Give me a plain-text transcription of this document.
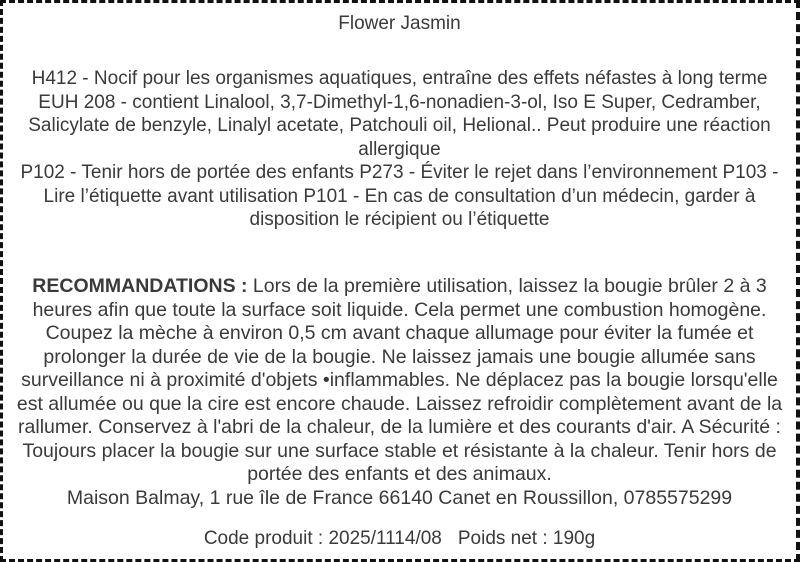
Flower Jasmin

H412 - Nocif pour les organismes aquatiques, entraîne des effets néfastes à long terme

EUH 208 - contient Linalool, 3,7-Dimethyl-1,6-nonadien-3-ol, Iso E Super, Cedramber, Salicylate de benzyle, Linalyl acetate, Patchouli oil, Helional.. Peut produire une réaction allergique

P102 - Tenir hors de portée des enfants P273 - Éviter le rejet dans l’environnement P103 - Lire l’étiquette avant utilisation P101 - En cas de consultation d’un médecin, garder à disposition le récipient ou l’étiquette

RECOMMANDATIONS : Lors de la première utilisation, laissez la bougie brûler 2 à 3 heures afin que toute la surface soit liquide. Cela permet une combustion homogène. Coupez la mèche à environ 0,5 cm avant chaque allumage pour éviter la fumée et prolonger la durée de vie de la bougie. Ne laissez jamais une bougie allumée sans surveillance ni à proximité d'objets •inflammables. Ne déplacez pas la bougie lorsqu'elle est allumée ou que la cire est encore chaude. Laissez refroidir complètement avant de la rallumer. Conservez à l'abri de la chaleur, de la lumière et des courants d'air. A Sécurité : Toujours placer la bougie sur une surface stable et résistante à la chaleur. Tenir hors de portée des enfants et des animaux.

Maison Balmay, 1 rue île de France 66140 Canet en Roussillon, 0785575299

Code produit : 2025/1114/08 Poids net : 190g
